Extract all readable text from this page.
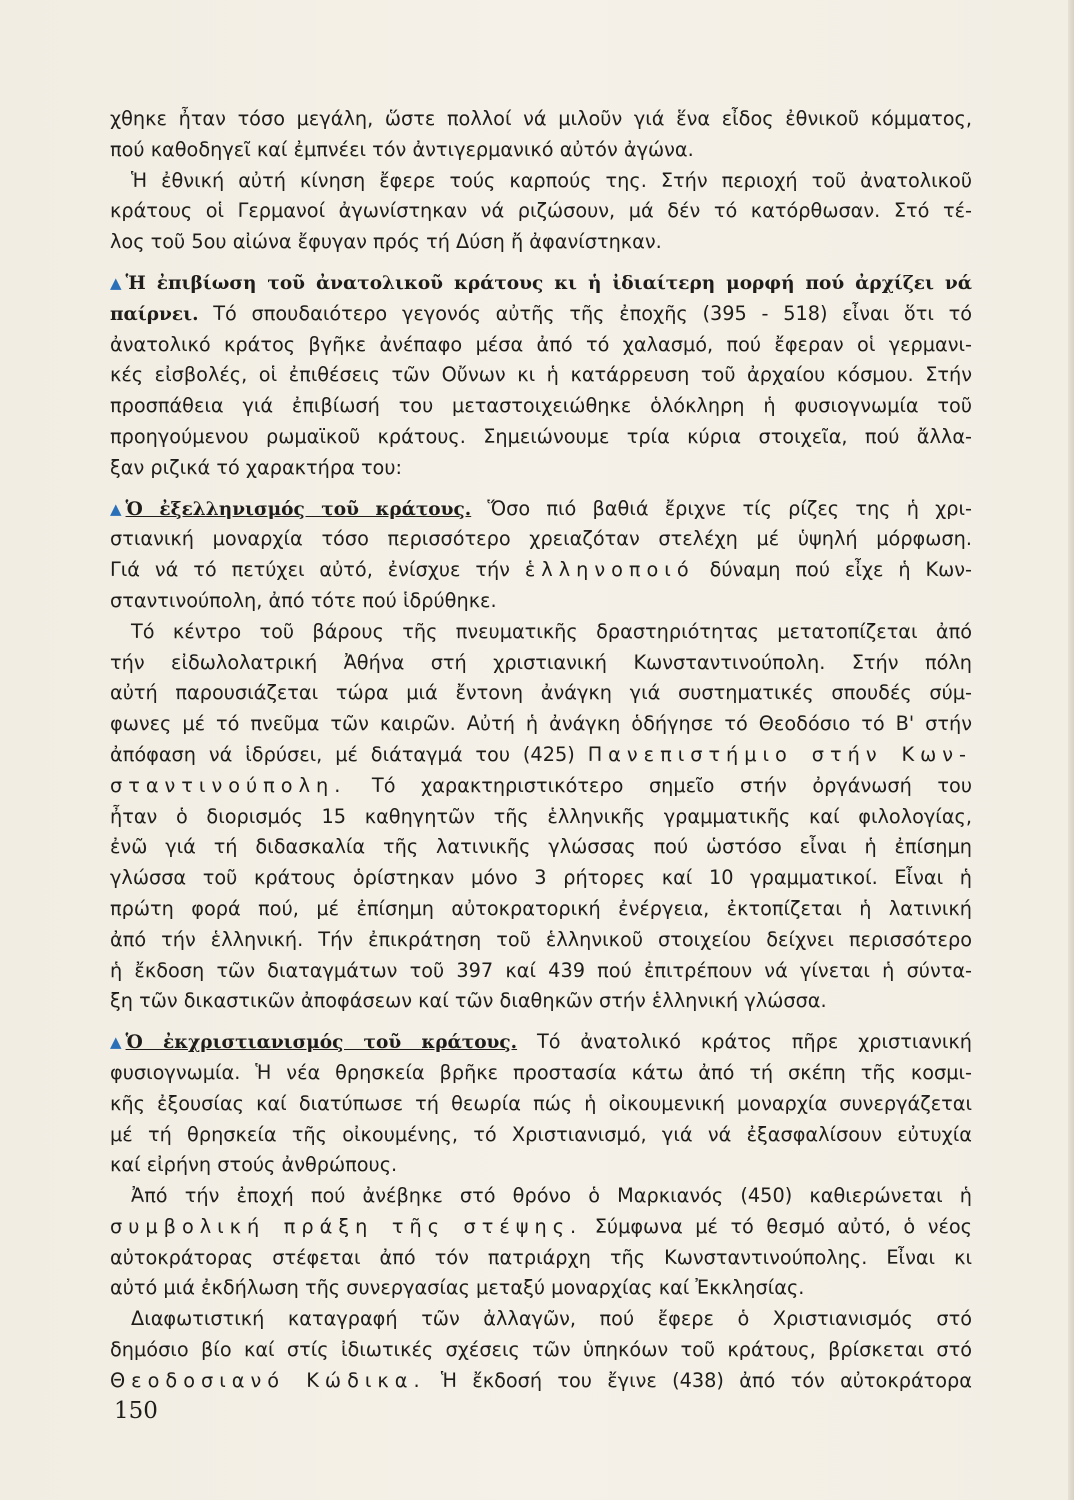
χθηκε ἦταν τόσο μεγάλη, ὥστε πολλοί νά μιλοῦν γιά ἕνα εἶδος ἐθνικοῦ κόμματος,
πού καθοδηγεῖ καί ἐμπνέει τόν ἀντιγερμανικό αὐτόν ἀγώνα.
Ἡ ἐθνική αὐτή κίνηση ἔφερε τούς καρπούς της. Στήν περιοχή τοῦ ἀνατολικοῦ
κράτους οἱ Γερμανοί ἀγωνίστηκαν νά ριζώσουν, μά δέν τό κατόρθωσαν. Στό τέ-
λος τοῦ 5ου αἰώνα ἔφυγαν πρός τή Δύση ἤ ἀφανίστηκαν.
▲ Ἡ ἐπιβίωση τοῦ ἀνατολικοῦ κράτους κι ἡ ἰδιαίτερη μορφή πού ἀρχίζει νά
παίρνει. Τό σπουδαιότερο γεγονός αὐτῆς τῆς ἐποχῆς (395 - 518) εἶναι ὅτι τό
ἀνατολικό κράτος βγῆκε ἀνέπαφο μέσα ἀπό τό χαλασμό, πού ἔφεραν οἱ γερμανι-
κές εἰσβολές, οἱ ἐπιθέσεις τῶν Οὔνων κι ἡ κατάρρευση τοῦ ἀρχαίου κόσμου. Στήν
προσπάθεια γιά ἐπιβίωσή του μεταστοιχειώθηκε ὁλόκληρη ἡ φυσιογνωμία τοῦ
προηγούμενου ρωμαϊκοῦ κράτους. Σημειώνουμε τρία κύρια στοιχεῖα, πού ἄλλα-
ξαν ριζικά τό χαρακτήρα του:
▲ Ὁ ἐξελληνισμός τοῦ κράτους. Ὅσο πιό βαθιά ἔριχνε τίς ρίζες της ἡ χρι-
στιανική μοναρχία τόσο περισσότερο χρειαζόταν στελέχη μέ ὑψηλή μόρφωση.
Γιά νά τό πετύχει αὐτό, ἐνίσχυε τήν ἑλληνοποιό δύναμη πού εἶχε ἡ Κων-
σταντινούπολη, ἀπό τότε πού ἱδρύθηκε.
Τό κέντρο τοῦ βάρους τῆς πνευματικῆς δραστηριότητας μετατοπίζεται ἀπό
τήν εἰδωλολατρική Ἀθήνα στή χριστιανική Κωνσταντινούπολη. Στήν πόλη
αὐτή παρουσιάζεται τώρα μιά ἔντονη ἀνάγκη γιά συστηματικές σπουδές σύμ-
φωνες μέ τό πνεῦμα τῶν καιρῶν. Αὐτή ἡ ἀνάγκη ὁδήγησε τό Θεοδόσιο τό Β' στήν
ἀπόφαση νά ἱδρύσει, μέ διάταγμά του (425) Πανεπιστήμιο στήν Κων-
σταντινούπολη. Τό χαρακτηριστικότερο σημεῖο στήν ὀργάνωσή του
ἦταν ὁ διορισμός 15 καθηγητῶν τῆς ἑλληνικῆς γραμματικῆς καί φιλολογίας,
ἐνῶ γιά τή διδασκαλία τῆς λατινικῆς γλώσσας πού ὡστόσο εἶναι ἡ ἐπίσημη
γλώσσα τοῦ κράτους ὁρίστηκαν μόνο 3 ρήτορες καί 10 γραμματικοί. Εἶναι ἡ
πρώτη φορά πού, μέ ἐπίσημη αὐτοκρατορική ἐνέργεια, ἐκτοπίζεται ἡ λατινική
ἀπό τήν ἑλληνική. Τήν ἐπικράτηση τοῦ ἑλληνικοῦ στοιχείου δείχνει περισσότερο
ἡ ἔκδοση τῶν διαταγμάτων τοῦ 397 καί 439 πού ἐπιτρέπουν νά γίνεται ἡ σύντα-
ξη τῶν δικαστικῶν ἀποφάσεων καί τῶν διαθηκῶν στήν ἑλληνική γλώσσα.
▲ Ὁ ἐκχριστιανισμός τοῦ κράτους. Τό ἀνατολικό κράτος πῆρε χριστιανική
φυσιογνωμία. Ἡ νέα θρησκεία βρῆκε προστασία κάτω ἀπό τή σκέπη τῆς κοσμι-
κῆς ἐξουσίας καί διατύπωσε τή θεωρία πώς ἡ οἰκουμενική μοναρχία συνεργάζεται
μέ τή θρησκεία τῆς οἰκουμένης, τό Χριστιανισμό, γιά νά ἐξασφαλίσουν εὐτυχία
καί εἰρήνη στούς ἀνθρώπους.
Ἀπό τήν ἐποχή πού ἀνέβηκε στό θρόνο ὁ Μαρκιανός (450) καθιερώνεται ἡ
συμβολική πράξη τῆς στέψης. Σύμφωνα μέ τό θεσμό αὐτό, ὁ νέος
αὐτοκράτορας στέφεται ἀπό τόν πατριάρχη τῆς Κωνσταντινούπολης. Εἶναι κι
αὐτό μιά ἐκδήλωση τῆς συνεργασίας μεταξύ μοναρχίας καί Ἐκκλησίας.
Διαφωτιστική καταγραφή τῶν ἀλλαγῶν, πού ἔφερε ὁ Χριστιανισμός στό
δημόσιο βίο καί στίς ἰδιωτικές σχέσεις τῶν ὑπηκόων τοῦ κράτους, βρίσκεται στό
Θεοδοσιανό Κώδικα. Ἡ ἔκδοσή του ἔγινε (438) ἀπό τόν αὐτοκράτορα
150
